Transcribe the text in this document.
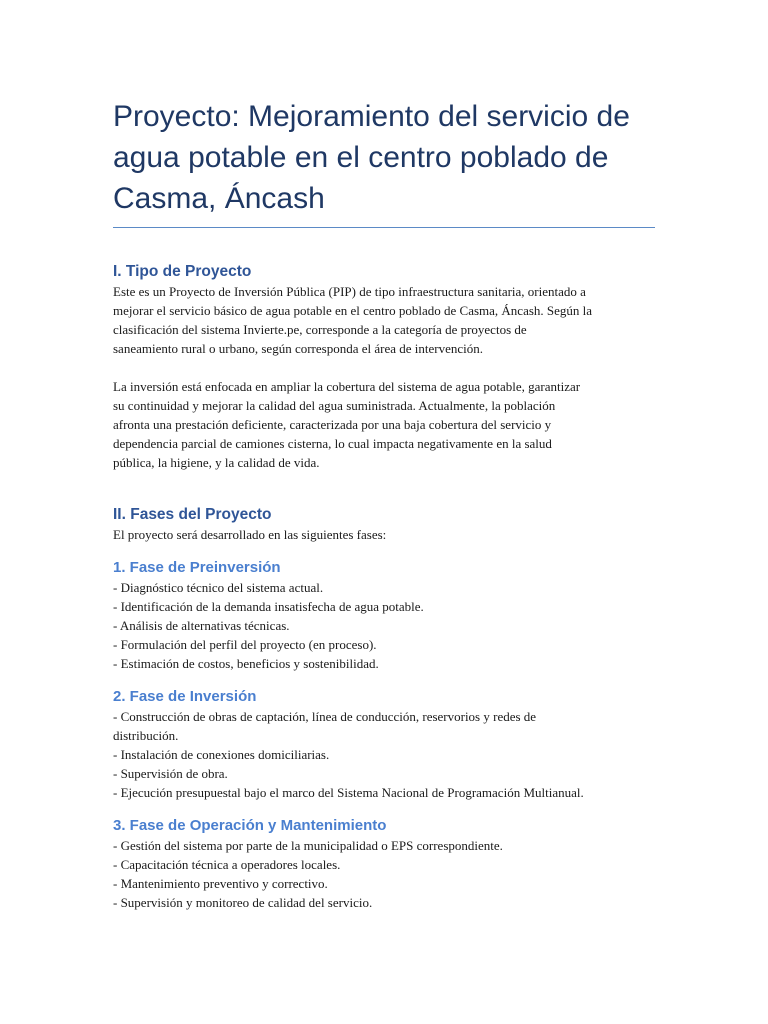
Proyecto: Mejoramiento del servicio de
agua potable en el centro poblado de
Casma, Áncash
I. Tipo de Proyecto

Este es un Proyecto de Inversión Pública (PIP) de tipo infraestructura sanitaria, orientado a

mejorar el servicio básico de agua potable en el centro poblado de Casma, Áncash. Según la

clasificación del sistema Invierte.pe, corresponde a la categoría de proyectos de

saneamiento rural o urbano, según corresponda el área de intervención.

La inversión está enfocada en ampliar la cobertura del sistema de agua potable, garantizar

su continuidad y mejorar la calidad del agua suministrada. Actualmente, la población

afronta una prestación deficiente, caracterizada por una baja cobertura del servicio y

dependencia parcial de camiones cisterna, lo cual impacta negativamente en la salud

pública, la higiene, y la calidad de vida.

II. Fases del Proyecto

El proyecto será desarrollado en las siguientes fases:

1. Fase de Preinversión

- Diagnóstico técnico del sistema actual.

- Identificación de la demanda insatisfecha de agua potable.

- Análisis de alternativas técnicas.

- Formulación del perfil del proyecto (en proceso).

- Estimación de costos, beneficios y sostenibilidad.

2. Fase de Inversión

- Construcción de obras de captación, línea de conducción, reservorios y redes de

distribución.

- Instalación de conexiones domiciliarias.

- Supervisión de obra.

- Ejecución presupuestal bajo el marco del Sistema Nacional de Programación Multianual.

3. Fase de Operación y Mantenimiento

- Gestión del sistema por parte de la municipalidad o EPS correspondiente.

- Capacitación técnica a operadores locales.

- Mantenimiento preventivo y correctivo.

- Supervisión y monitoreo de calidad del servicio.
